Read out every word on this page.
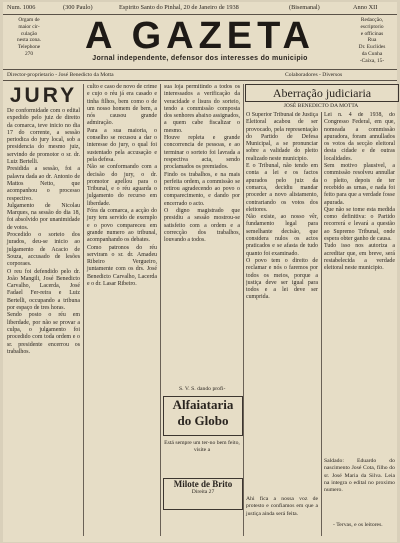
Num. 1006	(300 Paulo)	Espirito Santo do Pinhal, 20 de Janeiro de 1938	(Bisemanal)	Anno XII
Orgam de
maior cir-
culação
nesta zona.
Telephone
270	A GAZETA
Jornal independente, defensor dos interesses do municipio
Redacção,
escriptorio
e officinas
Rua
Dr. Euclides
da Cunha
-Caixa, 15-
Director-proprietario - José Benedicto da Motta	Colaboradores - Diversos
JURY

De conformidade com o edital expedido pelo juiz de direito da comarca, teve inicio no dia 17 do corrente, a sessão periodica do jury local, sob a presidencia do mesmo juiz, servindo de promotor o sr. dr. Luiz Bertelli.

Presidida a sessão, foi a palavra dada ao dr. Antonio de Mattos Netto, que acompanhou o processo respectivo.

Julgamento de Nicolau Marques, na sessão do dia 18, foi absolvido por unanimidade de votos.

Procedido o sorteio dos jurados, deu-se inicio ao julgamento de Acacio de Souza, accusado de lesões corporaes.

O reu foi defendido pelo dr. João Mangili, José Benedicto Carvalho, Lacerda, José Fadael Fer-reira e Luiz Bertelli, occupando a tribuna por espaço de tres horas.

Sendo posto o réu em liberdade, por não se provar a culpa, o julgamento foi procedido com toda ordem e o sr. presidente encerrou os trabalhos.

culto e caso de novo de crime e cujo o réu já era casado e tinha filhos, bem como o de um nosso homem de bem, a nós causou grande admiração.

Para a sua maioria, o conselho se recusou a dar o interesse do jury, o qual foi sustentado pela accusação e pela defesa.

Não se conformando com a decisão do jury, o dr. promotor apellou para o Tribunal, e o réu aguarda o julgamento do recurso em liberdade.

Fóra da comarca, a acção do jury tem servido de exemplo e o povo compareceu em grande numero ao tribunal, acompanhando os debates.

Como patronos do réu serviram o sr. dr. Amadeu Ribeiro Vergueiro, juntamente com os drs. José Benedicto Carvalho, Lacerda e o dr. Lasar Ribeiro.

sua loja permitindo a todos os interessados a verificação da veracidade e lisura do sorteio, tendo a commissão composta dos senhores abaixo assignados, a quem cabe fiscalizar o mesmo.

Houve repleta e grande concorrencia de pessoas, e ao terminar o sorteio foi lavrada a respectiva acta, sendo proclamados os premiados.

Findo os trabalhos, e na mais perfeita ordem, a commissão se retirou agradecendo ao povo o comparecimento, e dando por encerrado o acto.

O digno magistrado que presidiu a sessão mostrou-se satisfeito com a ordem e a correcção dos trabalhos, louvando a todos.

S. V. S. dando profi-
Alfaiataria
do Globo
Está sempre um ter-no bem feito, visite a
Milote de Brito
Direita 27
Aberração judiciaria
JOSÉ BENEDICTO DA MOTTA

O Superior Tribunal de Justiça Eleitoral acabou de ser provocado, pela representação do Partido de Defesa Municipal, a se pronunciar sobre a validade do pleito realizado neste municipio.

E o Tribunal, não tendo em conta a lei e os factos apurados pelo juiz da comarca, decidiu mandar proceder a novo alistamento, contrariando os votos dos eleitores.

Não existe, ao nosso vêr, fundamento legal para semelhante decisão, que considera nulos os actos praticados e se afasta de tudo quanto foi examinado.

O povo tem o direito de reclamar e nós o faremos por todos os meios, porque a justiça deve ser igual para todos e a lei deve ser cumprida.

Ahi fica a nossa voz de protesto e confiamos em que a justiça ainda será feita.

Lei n. 4 de 1938, do Congresso Federal, em que, nomeada a commissão apuradora, foram annullados os votos da secção eleitoral desta cidade e de outras localidades.

Sem motivo plausivel, a commissão resolveu annullar o pleito, depois de ter recebido as urnas, e nada foi feito para que a verdade fosse apurada.

Que não se tome esta medida como definitiva: o Partido recorrerá e levará a questão ao Supremo Tribunal, onde espera obter ganho de causa.

Tudo isso nos autoriza a acreditar que, em breve, será restabelecida a verdade eleitoral neste municipio.

Saldado: Eduardo do nascimento José Cota, filho do sr. José Maria da Silva. Leia na integra o edital no proximo numero.
- Tervas, e os leitores.
